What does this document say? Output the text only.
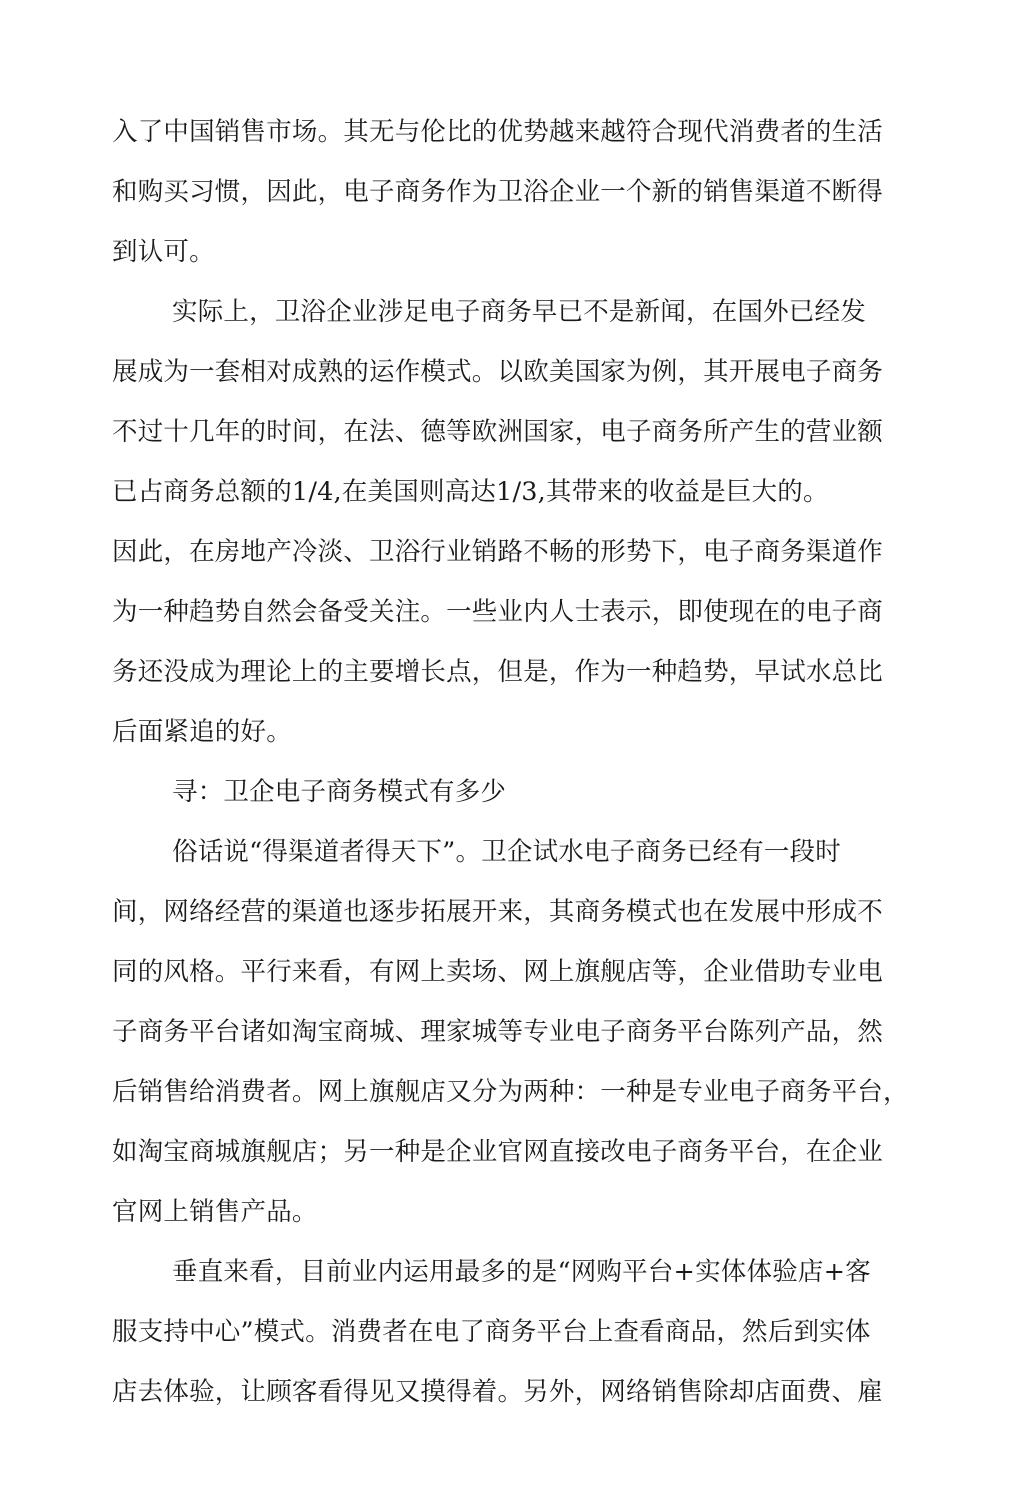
入了中国销售市场。其无与伦比的优势越来越符合现代消费者的生活
和购买习惯，因此，电子商务作为卫浴企业一个新的销售渠道不断得
到认可。
实际上，卫浴企业涉足电子商务早已不是新闻，在国外已经发
展成为一套相对成熟的运作模式。以欧美国家为例，其开展电子商务
不过十几年的时间，在法、德等欧洲国家，电子商务所产生的营业额
已占商务总额的1/4,在美国则高达1/3,其带来的收益是巨大的。
因此，在房地产冷淡、卫浴行业销路不畅的形势下，电子商务渠道作
为一种趋势自然会备受关注。一些业内人士表示，即使现在的电子商
务还没成为理论上的主要增长点，但是，作为一种趋势，早试水总比
后面紧追的好。
寻：卫企电子商务模式有多少
俗话说“得渠道者得天下”。卫企试水电子商务已经有一段时
间，网络经营的渠道也逐步拓展开来，其商务模式也在发展中形成不
同的风格。平行来看，有网上卖场、网上旗舰店等，企业借助专业电
子商务平台诸如淘宝商城、理家城等专业电子商务平台陈列产品，然
后销售给消费者。网上旗舰店又分为两种：一种是专业电子商务平台，
如淘宝商城旗舰店；另一种是企业官网直接改电子商务平台，在企业
官网上销售产品。
垂直来看，目前业内运用最多的是“网购平台+实体体验店+客
服支持中心”模式。消费者在电了商务平台上查看商品，然后到实体
店去体验，让顾客看得见又摸得着。另外，网络销售除却店面费、雇
